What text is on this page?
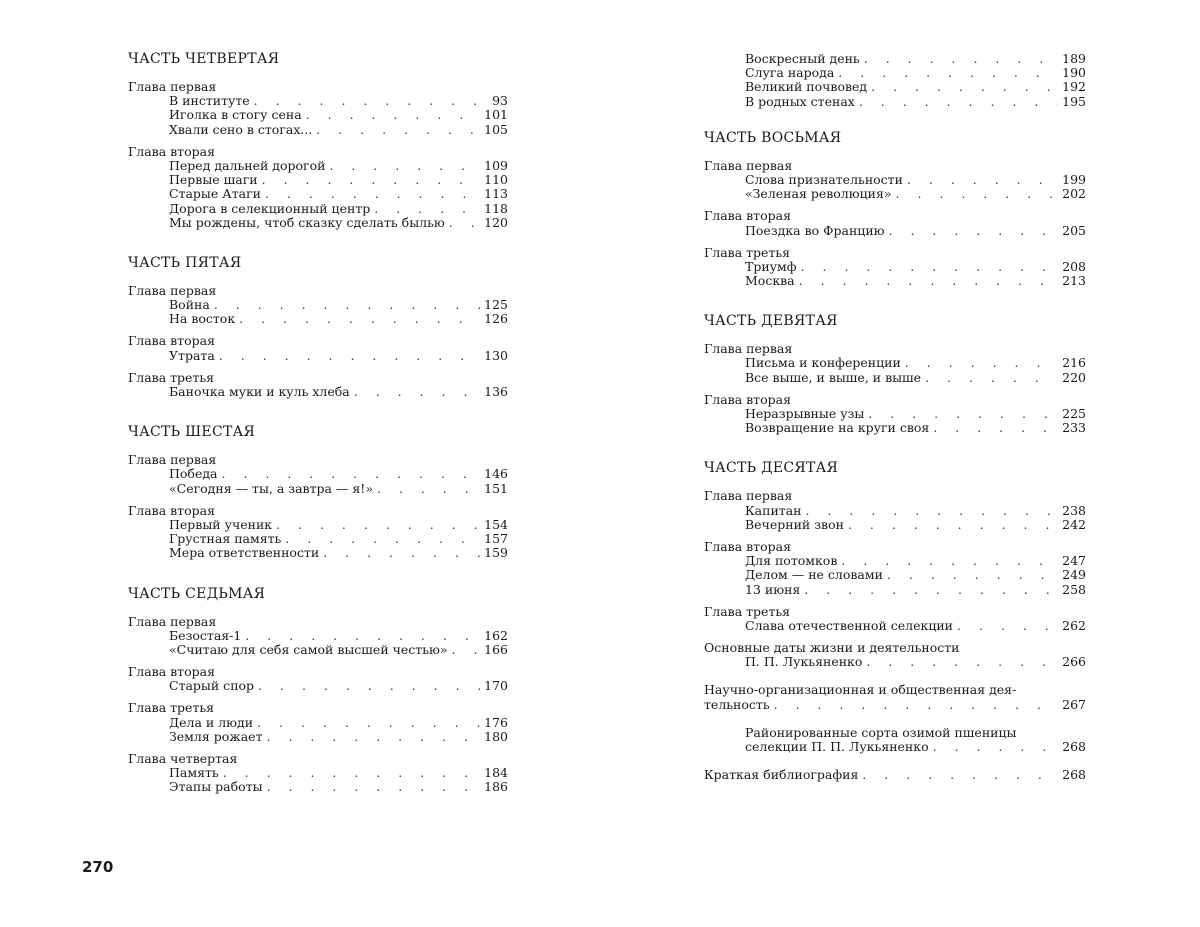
ЧАСТЬ ЧЕТВЕРТАЯ
Глава первая
В институте . . .	93
Иголка в стогу сена . . .	101
Хвали сено в стогах... . . .	105
Глава вторая
Перед дальней дорогой . . .	109
Первые шаги . . .	110
Старые Атаги . . .	113
Дорога в селекционный центр . . .	118
Мы рождены, чтоб сказку сделать былью . . .	120
ЧАСТЬ ПЯТАЯ
Глава первая
Война . . .	125
На восток . . .	126
Глава вторая
Утрата . . .	130
Глава третья
Баночка муки и куль хлеба . . .	136
ЧАСТЬ ШЕСТАЯ
Глава первая
Победа . . .	146
«Сегодня — ты, а завтра — я!» . . .	151
Глава вторая
Первый ученик . . .	154
Грустная память . . .	157
Мера ответственности . . .	159
ЧАСТЬ СЕДЬМАЯ
Глава первая
Безостая-1 . . .	162
«Считаю для себя самой высшей честью» . . .	166
Глава вторая
Старый спор . . .	170
Глава третья
Дела и люди . . .	176
Земля рожает . . .	180
Глава четвертая
Память . . .	184
Этапы работы . . .	186
270
Воскресный день . . .	189
Слуга народа . . .	190
Великий почвовед . . .	192
В родных стенах . . .	195
ЧАСТЬ ВОСЬМАЯ
Глава первая
Слова признательности . . .	199
«Зеленая революция» . . .	202
Глава вторая
Поездка во Францию . . .	205
Глава третья
Триумф . . .	208
Москва . . .	213
ЧАСТЬ ДЕВЯТАЯ
Глава первая
Письма и конференции . . .	216
Все выше, и выше, и выше . . .	220
Глава вторая
Неразрывные узы . . .	225
Возвращение на круги своя . . .	233
ЧАСТЬ ДЕСЯТАЯ
Глава первая
Капитан . . .	238
Вечерний звон . . .	242
Глава вторая
Для потомков . . .	247
Делом — не словами . . .	249
13 июня . . .	258
Глава третья
Слава отечественной селекции . . .	262
Основные даты жизни и деятельности
П. П. Лукьяненко . . .	266
Научно-организационная и общественная дея-
тельность . . .	267
Районированные сорта озимой пшеницы
селекции П. П. Лукьяненко . . .	268
Краткая библиография . . .	268
